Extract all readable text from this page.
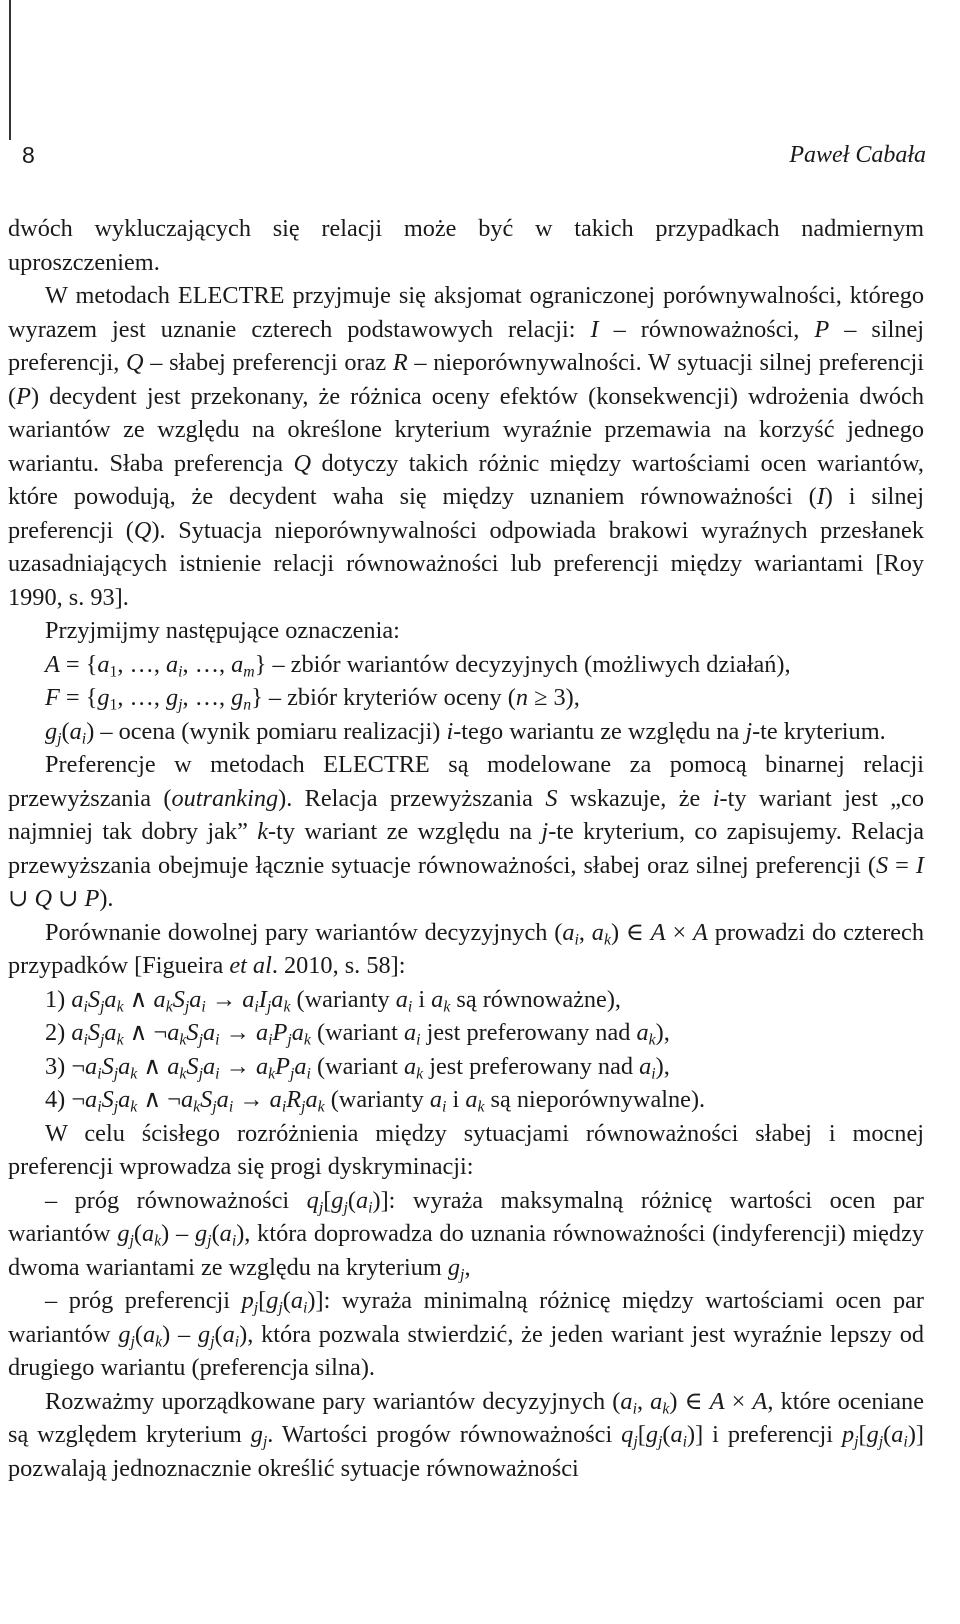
8	Paweł Cabała

dwóch wykluczających się relacji może być w takich przypadkach nadmiernym uproszczeniem.

W metodach ELECTRE przyjmuje się aksjomat ograniczonej porównywalności, którego wyrazem jest uznanie czterech podstawowych relacji: I – równoważności, P – silnej preferencji, Q – słabej preferencji oraz R – nieporównywalności. W sytuacji silnej preferencji (P) decydent jest przekonany, że różnica oceny efektów (konsekwencji) wdrożenia dwóch wariantów ze względu na określone kryterium wyraźnie przemawia na korzyść jednego wariantu. Słaba preferencja Q dotyczy takich różnic między wartościami ocen wariantów, które powodują, że decydent waha się między uznaniem równoważności (I) i silnej preferencji (Q). Sytuacja nieporównywalności odpowiada brakowi wyraźnych przesłanek uzasadniających istnienie relacji równoważności lub preferencji między wariantami [Roy 1990, s. 93].

Przyjmijmy następujące oznaczenia:

$A = \{a_1$, …, $a_i$, …, $a_m$} – zbiór wariantów decyzyjnych (możliwych działań),

$F = \{g_1$, …, $g_j$, …, $g_n$} – zbiór kryteriów oceny (n ≥ 3),

$g_j(a_i)$ – ocena (wynik pomiaru realizacji) i-tego wariantu ze względu na j-te kryterium.

Preferencje w metodach ELECTRE są modelowane za pomocą binarnej relacji przewyższania (outranking). Relacja przewyższania S wskazuje, że i-ty wariant jest „co najmniej tak dobry jak” k-ty wariant ze względu na j-te kryterium, co zapisujemy. Relacja przewyższania obejmuje łącznie sytuacje równoważności, słabej oraz silnej preferencji (S = I ∪ Q ∪ P).

Porównanie dowolnej pary wariantów decyzyjnych ($a_i$, $a_k$) ∈ A × A prowadzi do czterech przypadków [Figueira et al. 2010, s. 58]:

1) $a_iS_ja_k$ ∧ $a_kS_ja_i \to a_iI_ja_k$ (warianty $a_i$ i $a_k$ są równoważne),

2) $a_iS_ja_k$ ∧ $\neg a_kS_ja_i \to a_iP_ja_k$ (wariant $a_i$ jest preferowany nad $a_k$),

3) $\neg a_iS_ja_k$ ∧ $a_kS_ja_i \to a_kP_ja_i$ (wariant $a_k$ jest preferowany nad $a_i$),

4) $\neg a_iS_ja_k$ ∧ $\neg a_kS_ja_i \to a_iR_ja_k$ (warianty $a_i$ i $a_k$ są nieporównywalne).

W celu ścisłego rozróżnienia między sytuacjami równoważności słabej i mocnej preferencji wprowadza się progi dyskryminacji:

– próg równoważności $q_j[g_j(a_i)]$: wyraża maksymalną różnicę wartości ocen par wariantów $g_j(a_k) - g_j(a_i)$, która doprowadza do uznania równoważności (indyferencji) między dwoma wariantami ze względu na kryterium $g_j$,

– próg preferencji $p_j[g_j(a_i)]$: wyraża minimalną różnicę między wartościami ocen par wariantów $g_j(a_k) - g_j(a_i)$, która pozwala stwierdzić, że jeden wariant jest wyraźnie lepszy od drugiego wariantu (preferencja silna).

Rozważmy uporządkowane pary wariantów decyzyjnych ($a_i$, $a_k$) ∈ A × A, które oceniane są względem kryterium $g_j$. Wartości progów równoważności $q_j[g_j(a_i)]$ i preferencji $p_j[g_j(a_i)]$ pozwalają jednoznacznie określić sytuacje równoważności
